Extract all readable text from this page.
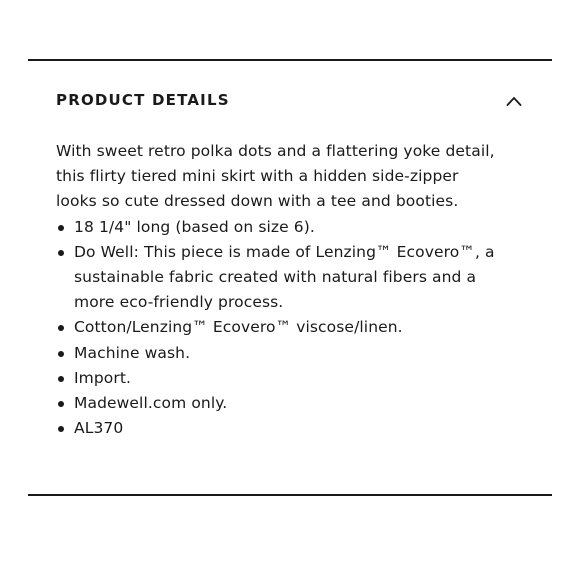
PRODUCT DETAILS

With sweet retro polka dots and a flattering yoke detail, this flirty tiered mini skirt with a hidden side-zipper looks so cute dressed down with a tee and booties.

18 1/4" long (based on size 6).
Do Well: This piece is made of Lenzing™ Ecovero™, a sustainable fabric created with natural fibers and a more eco-friendly process.
Cotton/Lenzing™ Ecovero™ viscose/linen.
Machine wash.
Import.
Madewell.com only.
AL370
